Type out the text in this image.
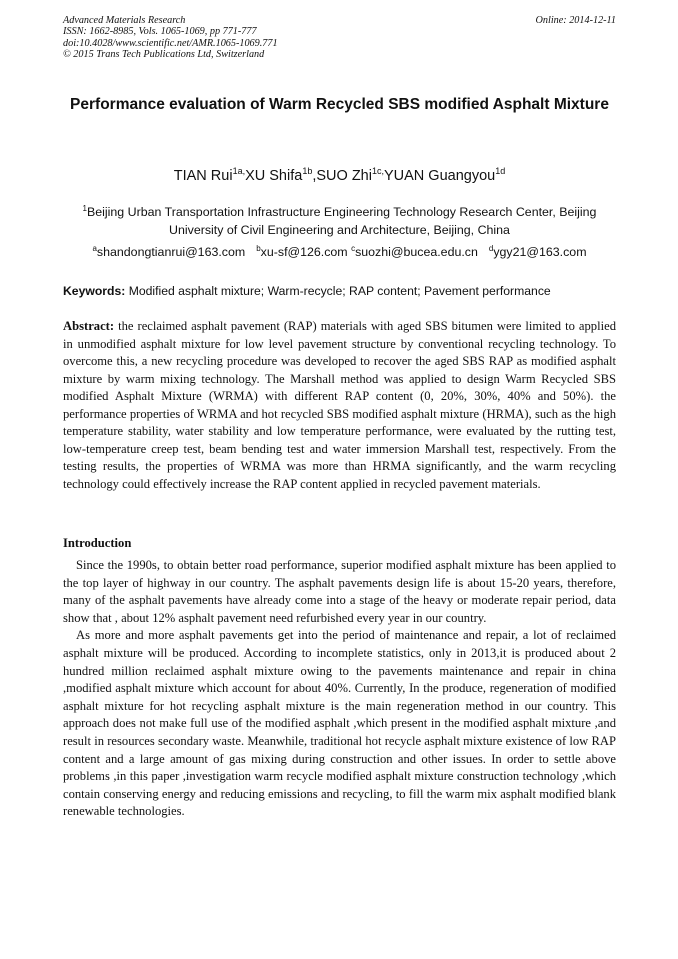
Advanced Materials Research
ISSN: 1662-8985, Vols. 1065-1069, pp 771-777
doi:10.4028/www.scientific.net/AMR.1065-1069.771
© 2015 Trans Tech Publications Ltd, Switzerland
Online: 2014-12-11
Performance evaluation of Warm Recycled SBS modified Asphalt Mixture
TIAN Rui$^{1a,}$XU Shifa$^{1b}$,SUO Zhi$^{1c,}$YUAN Guangyou$^{1d}$
$^1$Beijing Urban Transportation Infrastructure Engineering Technology Research Center, Beijing
University of Civil Engineering and Architecture, Beijing, China
$^a$shandongtianrui@163.com $^b$xu-sf@126.com $^c$suozhi@bucea.edu.cn $^d$ygy21@163.com
Keywords: Modified asphalt mixture; Warm-recycle; RAP content; Pavement performance
Abstract: the reclaimed asphalt pavement (RAP) materials with aged SBS bitumen were limited to applied in unmodified asphalt mixture for low level pavement structure by conventional recycling technology. To overcome this, a new recycling procedure was developed to recover the aged SBS RAP as modified asphalt mixture by warm mixing technology. The Marshall method was applied to design Warm Recycled SBS modified Asphalt Mixture (WRMA) with different RAP content (0, 20%, 30%, 40% and 50%). the performance properties of WRMA and hot recycled SBS modified asphalt mixture (HRMA), such as the high temperature stability, water stability and low temperature performance, were evaluated by the rutting test, low-temperature creep test, beam bending test and water immersion Marshall test, respectively. From the testing results, the properties of WRMA was more than HRMA significantly, and the warm recycling technology could effectively increase the RAP content applied in recycled pavement materials.
Introduction

Since the 1990s, to obtain better road performance, superior modified asphalt mixture has been applied to the top layer of highway in our country. The asphalt pavements design life is about 15-20 years, therefore, many of the asphalt pavements have already come into a stage of the heavy or moderate repair period, data show that , about 12% asphalt pavement need refurbished every year in our country.

As more and more asphalt pavements get into the period of maintenance and repair, a lot of reclaimed asphalt mixture will be produced. According to incomplete statistics, only in 2013,it is produced about 2 hundred million reclaimed asphalt mixture owing to the pavements maintenance and repair in china ,modified asphalt mixture which account for about 40%. Currently, In the produce, regeneration of modified asphalt mixture for hot recycling asphalt mixture is the main regeneration method in our country. This approach does not make full use of the modified asphalt ,which present in the modified asphalt mixture ,and result in resources secondary waste. Meanwhile, traditional hot recycle asphalt mixture existence of low RAP content and a large amount of gas mixing during construction and other issues. In order to settle above problems ,in this paper ,investigation warm recycle modified asphalt mixture construction technology ,which contain conserving energy and reducing emissions and recycling, to fill the warm mix asphalt modified blank renewable technologies.
